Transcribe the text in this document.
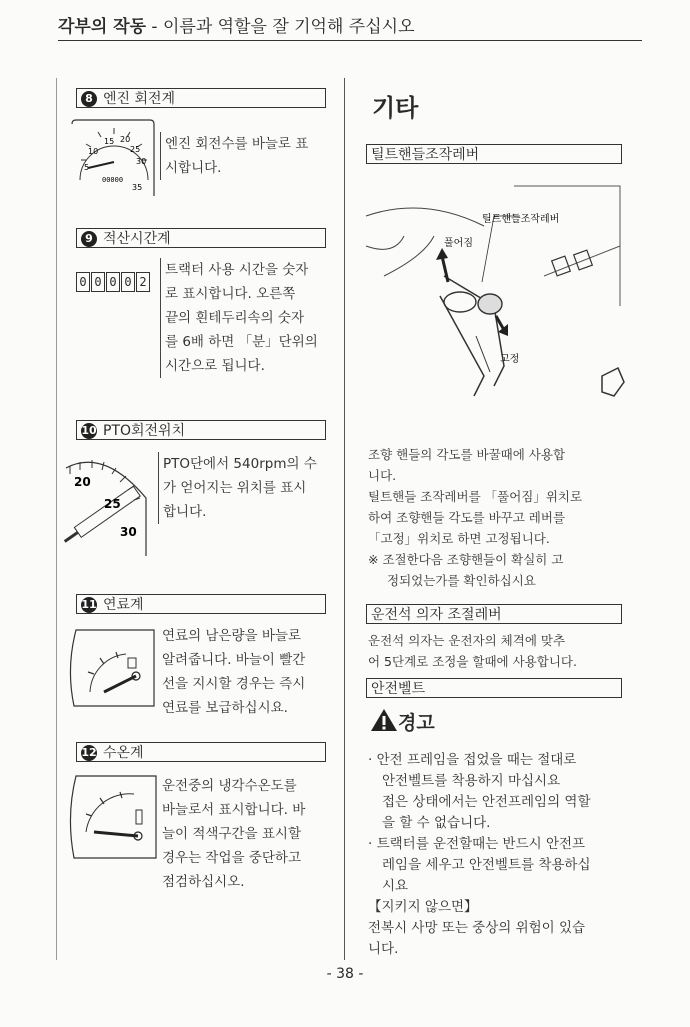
각부의 작동 - 이름과 역할을 잘 기억해 주십시오
8 엔진 회전계
15 20
25
10
30
5
35
00000
엔진 회전수를 바늘로 표
시합니다.
9 적산시간계
0 0 0 0 2
트랙터 사용 시간을 숫자
로 표시합니다. 오른쪽
끝의 흰테두리속의 숫자
를 6배 하면 「분」단위의
시간으로 됩니다.
10 PTO회전위치
20
25
30
PTO단에서 540rpm의 수
가 얻어지는 위치를 표시
합니다.
11 연료계
연료의 남은량을 바늘로
알려줍니다. 바늘이 빨간
선을 지시할 경우는 즉시
연료를 보급하십시요.
12 수온계
운전중의 냉각수온도를
바늘로서 표시합니다. 바
늘이 적색구간을 표시할
경우는 작업을 중단하고
점검하십시오.
기타
틸트핸들조작레버
틸트핸들조작레버
풀어짐
고정
조향 핸들의 각도를 바꿀때에 사용합
니다.
틸트핸들 조작레버를 「풀어짐」위치로
하여 조향핸들 각도를 바꾸고 레버를
「고정」위치로 하면 고정됩니다.
※ 조절한다음 조향핸들이 확실히 고
정되었는가를 확인하십시요
운전석 의자 조절레버
운전석 의자는 운전자의 체격에 맞추
어 5단계로 조정을 할때에 사용합니다.
안전벨트
경고
· 안전 프레임을 접었을 때는 절대로
안전벨트를 착용하지 마십시요
접은 상태에서는 안전프레임의 역할
을 할 수 없습니다.
· 트랙터를 운전할때는 반드시 안전프
레임을 세우고 안전벨트를 착용하십
시요
【지키지 않으면】
전복시 사망 또는 중상의 위험이 있습
니다.
- 38 -
